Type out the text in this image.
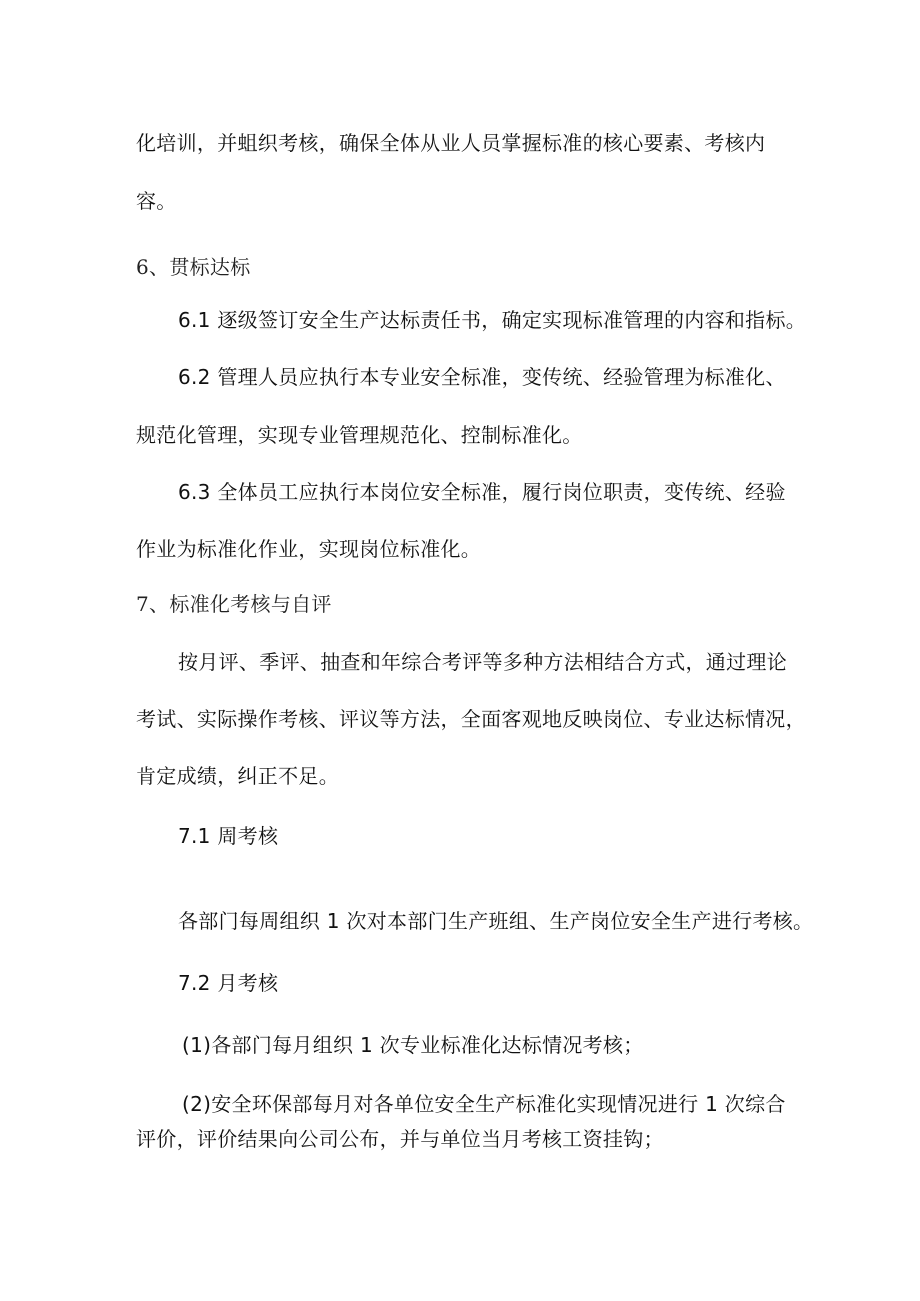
化培训，并蛆织考核，确保全体从业人员掌握标准的核心要素、考核内
容。
6、贯标达标
6.1 逐级签订安全生产达标责任书，确定实现标准管理的内容和指标。
6.2 管理人员应执行本专业安全标准，变传统、经验管理为标准化、
规范化管理，实现专业管理规范化、控制标准化。
6.3 全体员工应执行本岗位安全标准，履行岗位职责，变传统、经验
作业为标准化作业，实现岗位标准化。
7、标准化考核与自评
按月评、季评、抽查和年综合考评等多种方法相结合方式，通过理论
考试、实际操作考核、评议等方法，全面客观地反映岗位、专业达标情况，
肯定成绩，纠正不足。
7.1 周考核
各部门每周组织 1 次对本部门生产班组、生产岗位安全生产进行考核。
7.2 月考核
(1)各部门每月组织 1 次专业标准化达标情况考核；
(2)安全环保部每月对各单位安全生产标准化实现情况进行 1 次综合
评价，评价结果向公司公布，并与单位当月考核工资挂钩；
